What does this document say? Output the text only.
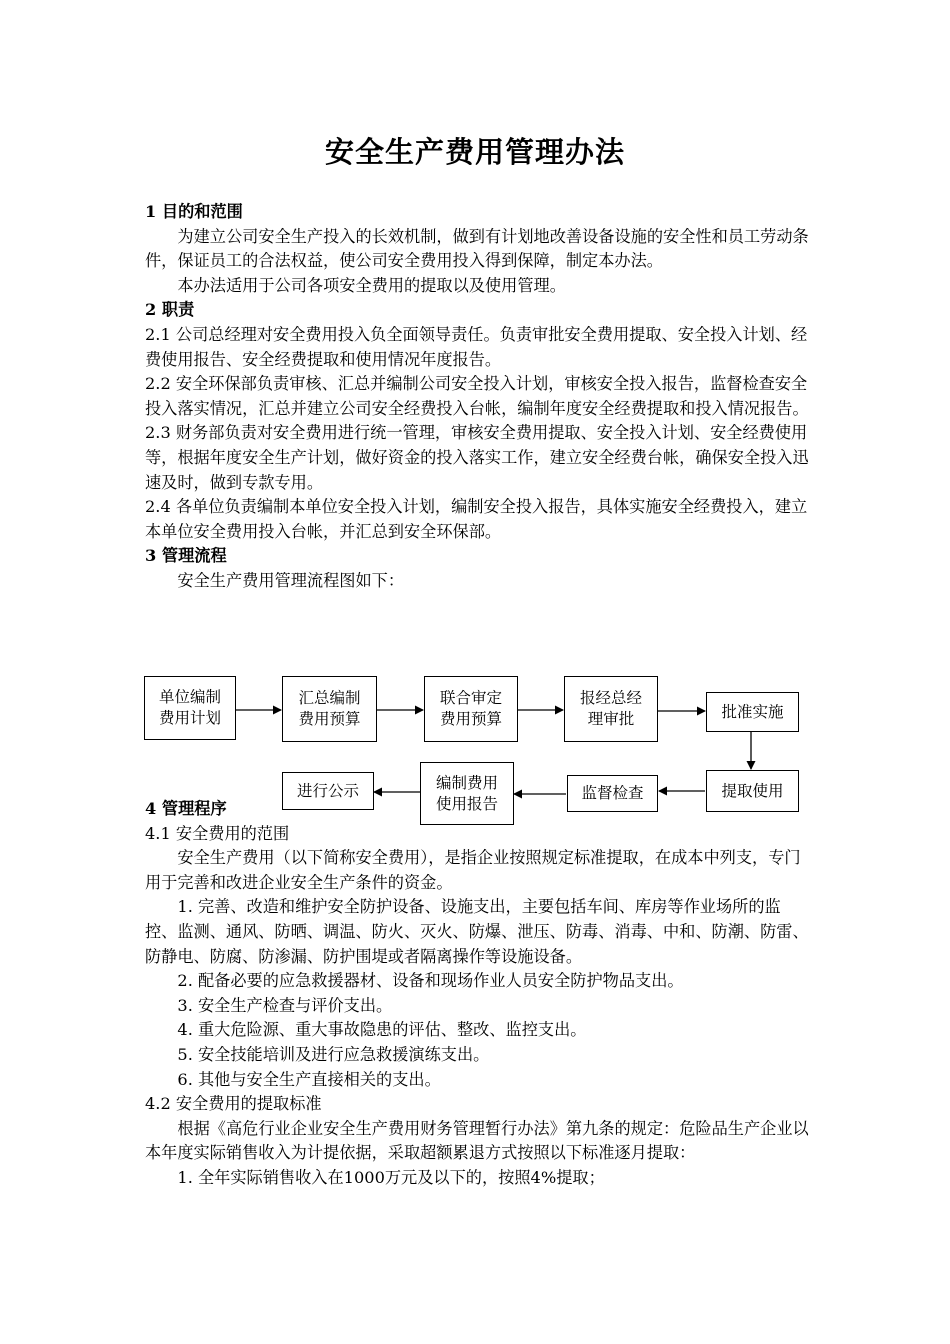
安全生产费用管理办法

1 目的和范围

为建立公司安全生产投入的长效机制，做到有计划地改善设备设施的安全性和员工劳动条件，保证员工的合法权益，使公司安全费用投入得到保障，制定本办法。

本办法适用于公司各项安全费用的提取以及使用管理。

2 职责

2.1 公司总经理对安全费用投入负全面领导责任。负责审批安全费用提取、安全投入计划、经费使用报告、安全经费提取和使用情况年度报告。

2.2 安全环保部负责审核、汇总并编制公司安全投入计划，审核安全投入报告，监督检查安全投入落实情况，汇总并建立公司安全经费投入台帐，编制年度安全经费提取和投入情况报告。

2.3 财务部负责对安全费用进行统一管理，审核安全费用提取、安全投入计划、安全经费使用等，根据年度安全生产计划，做好资金的投入落实工作，建立安全经费台帐，确保安全投入迅速及时，做到专款专用。

2.4 各单位负责编制本单位安全投入计划，编制安全投入报告，具体实施安全经费投入，建立本单位安全费用投入台帐，并汇总到安全环保部。

3 管理流程

安全生产费用管理流程图如下：

单位编制
费用计划
汇总编制
费用预算
联合审定
费用预算
报经总经
理审批	批准实施
提取使用
监督检查
编制费用
使用报告
进行公示

4 管理程序

4.1 安全费用的范围

安全生产费用（以下简称安全费用），是指企业按照规定标准提取，在成本中列支，专门用于完善和改进企业安全生产条件的资金。

1. 完善、改造和维护安全防护设备、设施支出，主要包括车间、库房等作业场所的监控、监测、通风、防晒、调温、防火、灭火、防爆、泄压、防毒、消毒、中和、防潮、防雷、防静电、防腐、防渗漏、防护围堤或者隔离操作等设施设备。

2. 配备必要的应急救援器材、设备和现场作业人员安全防护物品支出。

3. 安全生产检查与评价支出。

4. 重大危险源、重大事故隐患的评估、整改、监控支出。

5. 安全技能培训及进行应急救援演练支出。

6. 其他与安全生产直接相关的支出。

4.2 安全费用的提取标准

根据《高危行业企业安全生产费用财务管理暂行办法》第九条的规定：危险品生产企业以本年度实际销售收入为计提依据，采取超额累退方式按照以下标准逐月提取：

1. 全年实际销售收入在1000万元及以下的，按照4%提取；
